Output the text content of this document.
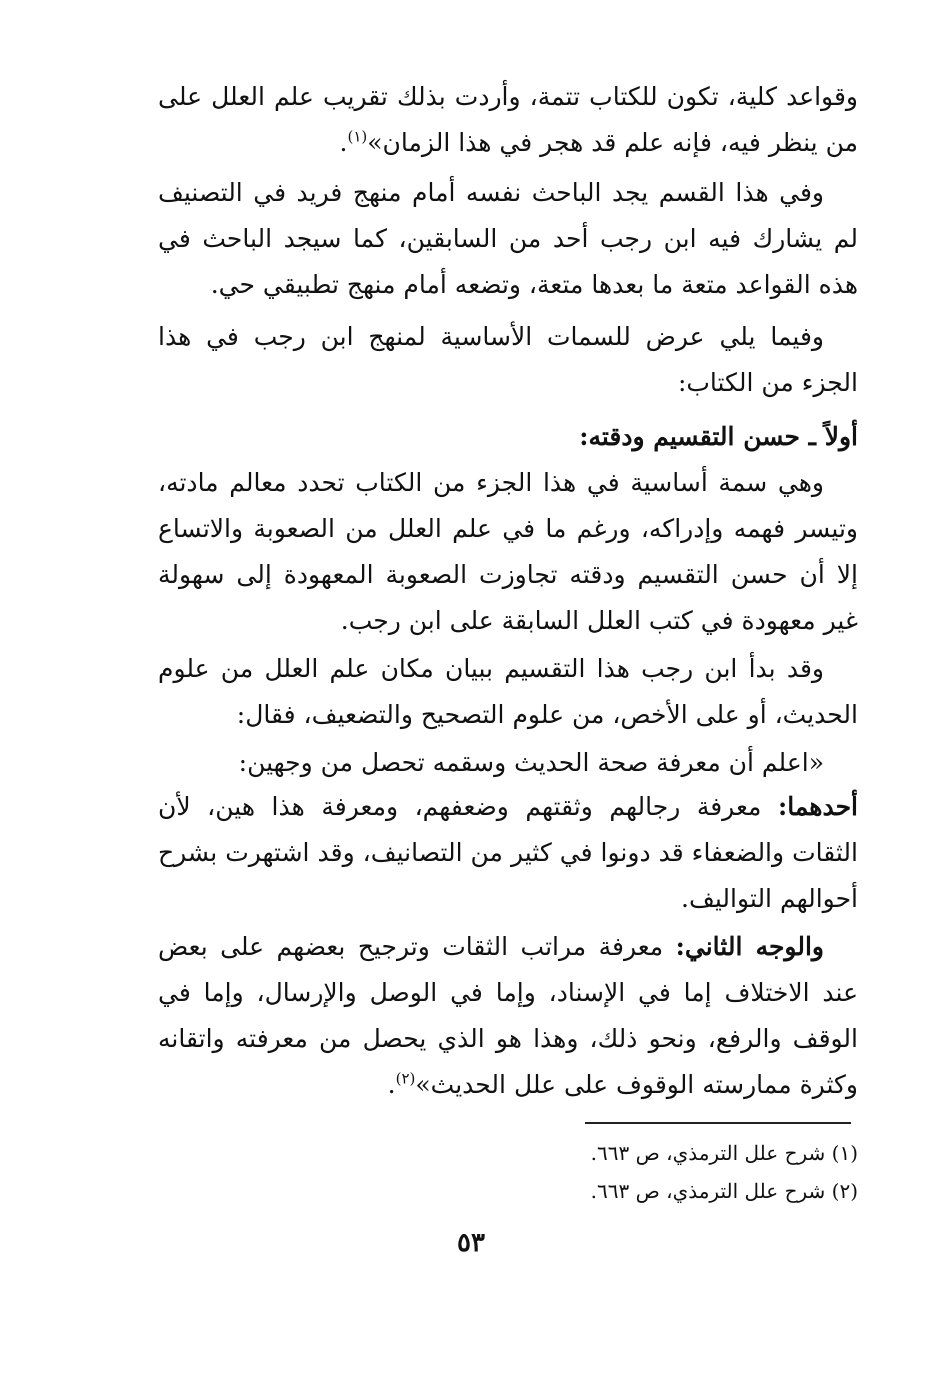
وقواعد كلية، تكون للكتاب تتمة، وأردت بذلك تقريب علم العلل على من ينظر فيه، فإنه علم قد هجر في هذا الزمان»$^{(١)}$.

وفي هذا القسم يجد الباحث نفسه أمام منهج فريد في التصنيف لم يشارك فيه ابن رجب أحد من السابقين، كما سيجد الباحث في هذه القواعد متعة ما بعدها متعة، وتضعه أمام منهج تطبيقي حي.

وفيما يلي عرض للسمات الأساسية لمنهج ابن رجب في هذا الجزء من الكتاب:

أولاً ـ حسن التقسيم ودقته:

وهي سمة أساسية في هذا الجزء من الكتاب تحدد معالم مادته، وتيسر فهمه وإدراكه، ورغم ما في علم العلل من الصعوبة والاتساع إلا أن حسن التقسيم ودقته تجاوزت الصعوبة المعهودة إلى سهولة غير معهودة في كتب العلل السابقة على ابن رجب.

وقد بدأ ابن رجب هذا التقسيم ببيان مكان علم العلل من علوم الحديث، أو على الأخص، من علوم التصحيح والتضعيف، فقال:

«اعلم أن معرفة صحة الحديث وسقمه تحصل من وجهين:

أحدهما: معرفة رجالهم وثقتهم وضعفهم، ومعرفة هذا هين، لأن الثقات والضعفاء قد دونوا في كثير من التصانيف، وقد اشتهرت بشرح أحوالهم التواليف.

والوجه الثاني: معرفة مراتب الثقات وترجيح بعضهم على بعض عند الاختلاف إما في الإسناد، وإما في الوصل والإرسال، وإما في الوقف والرفع، ونحو ذلك، وهذا هو الذي يحصل من معرفته واتقانه وكثرة ممارسته الوقوف على علل الحديث»$^{(٢)}$.

(١) شرح علل الترمذي، ص ٦٦٣.

(٢) شرح علل الترمذي، ص ٦٦٣.

٥٣
